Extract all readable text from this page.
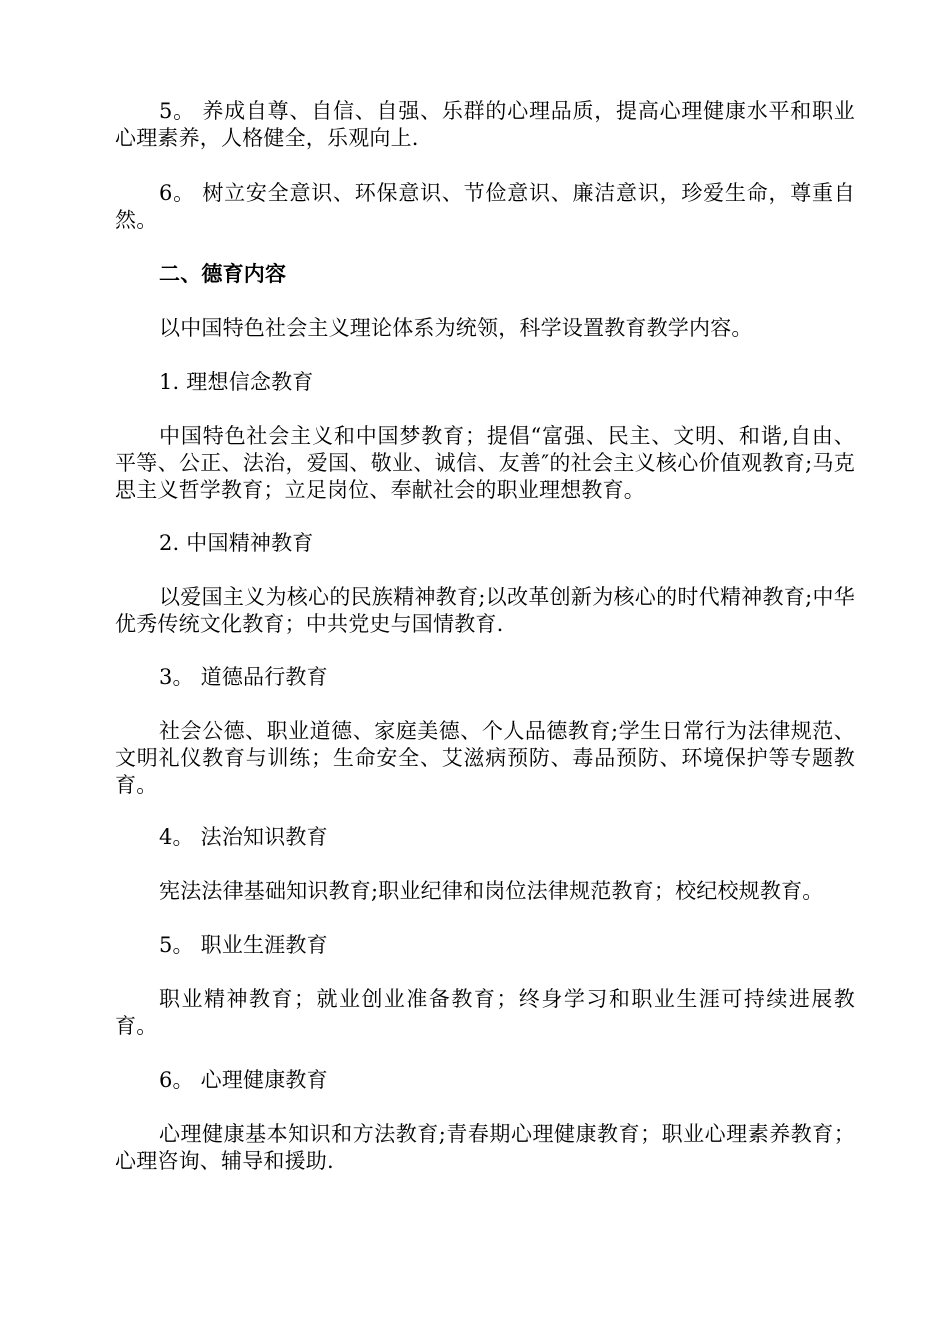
5。 养成自尊、自信、自强、乐群的心理品质，提高心理健康水平和职业心理素养，人格健全，乐观向上.

6。 树立安全意识、环保意识、节俭意识、廉洁意识，珍爱生命，尊重自然。

二、德育内容

以中国特色社会主义理论体系为统领，科学设置教育教学内容。

1. 理想信念教育

中国特色社会主义和中国梦教育；提倡“富强、民主、文明、和谐,自由、平等、公正、法治，爱国、敬业、诚信、友善″的社会主义核心价值观教育;马克思主义哲学教育；立足岗位、奉献社会的职业理想教育。

2. 中国精神教育

以爱国主义为核心的民族精神教育;以改革创新为核心的时代精神教育;中华优秀传统文化教育；中共党史与国情教育.

3。 道德品行教育

社会公德、职业道德、家庭美德、个人品德教育;学生日常行为法律规范、文明礼仪教育与训练；生命安全、艾滋病预防、毒品预防、环境保护等专题教育。

4。 法治知识教育

宪法法律基础知识教育;职业纪律和岗位法律规范教育；校纪校规教育。

5。 职业生涯教育

职业精神教育；就业创业准备教育；终身学习和职业生涯可持续进展教育。

6。 心理健康教育

心理健康基本知识和方法教育;青春期心理健康教育；职业心理素养教育；心理咨询、辅导和援助.
